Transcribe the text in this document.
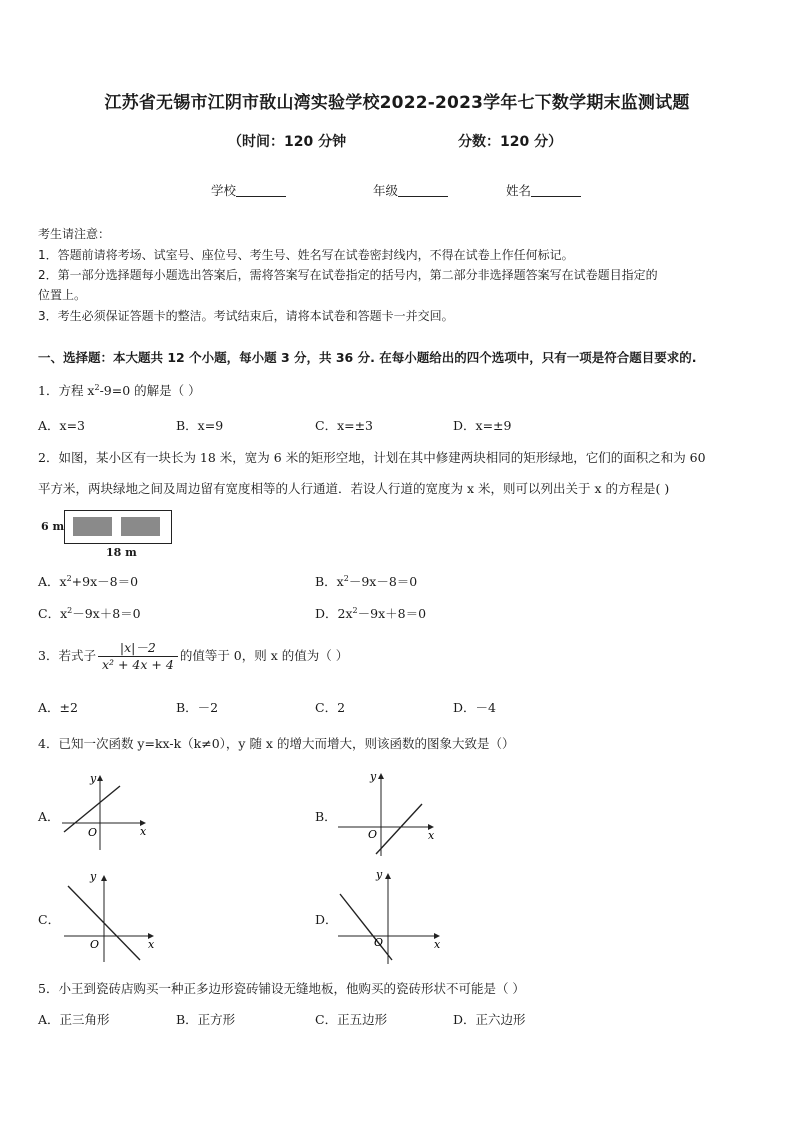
江苏省无锡市江阴市敔山湾实验学校2022-2023学年七下数学期末监测试题
（时间：120 分钟	分数：120 分）
学校	年级	姓名
考生请注意：
1．答题前请将考场、试室号、座位号、考生号、姓名写在试卷密封线内，不得在试卷上作任何标记。
2．第一部分选择题每小题选出答案后，需将答案写在试卷指定的括号内，第二部分非选择题答案写在试卷题目指定的
位置上。
3．考生必须保证答题卡的整洁。考试结束后，请将本试卷和答题卡一并交回。
一、选择题：本大题共 12 个小题，每小题 3 分，共 36 分. 在每小题给出的四个选项中，只有一项是符合题目要求的.
1．方程 $x^2-9=0$ 的解是（ ）
A．x=3	B．x=9	C．x=±3	D．x=±9
2．如图，某小区有一块长为 18 米，宽为 6 米的矩形空地，计划在其中修建两块相同的矩形绿地，它们的面积之和为 60
平方米，两块绿地之间及周边留有宽度相等的人行通道．若设人行道的宽度为 x 米，则可以列出关于 x 的方程是( )
6 m
18 m
A．$x^2+9x-8=0$	B．$x^2-9x-8=0$
C．$x^2-9x+8=0$	D．$2x^2-9x+8=0$
3．若式子 $\frac{|x|-2}{\text{x² + 4x + 4}}$ 的值等于 0，则 x 的值为（ ）
A．±2	B．－2	C．2	D．－4
4．已知一次函数 y=kx-k（k≠0），y 随 x 的增大而增大，则该函数的图象大致是（）
A．
O	x
y
B．
O	x
y
C．
O	x
y
D．
O	x
y
5．小王到瓷砖店购买一种正多边形瓷砖铺设无缝地板，他购买的瓷砖形状不可能是（ ）
A．正三角形	B．正方形	C．正五边形	D．正六边形
